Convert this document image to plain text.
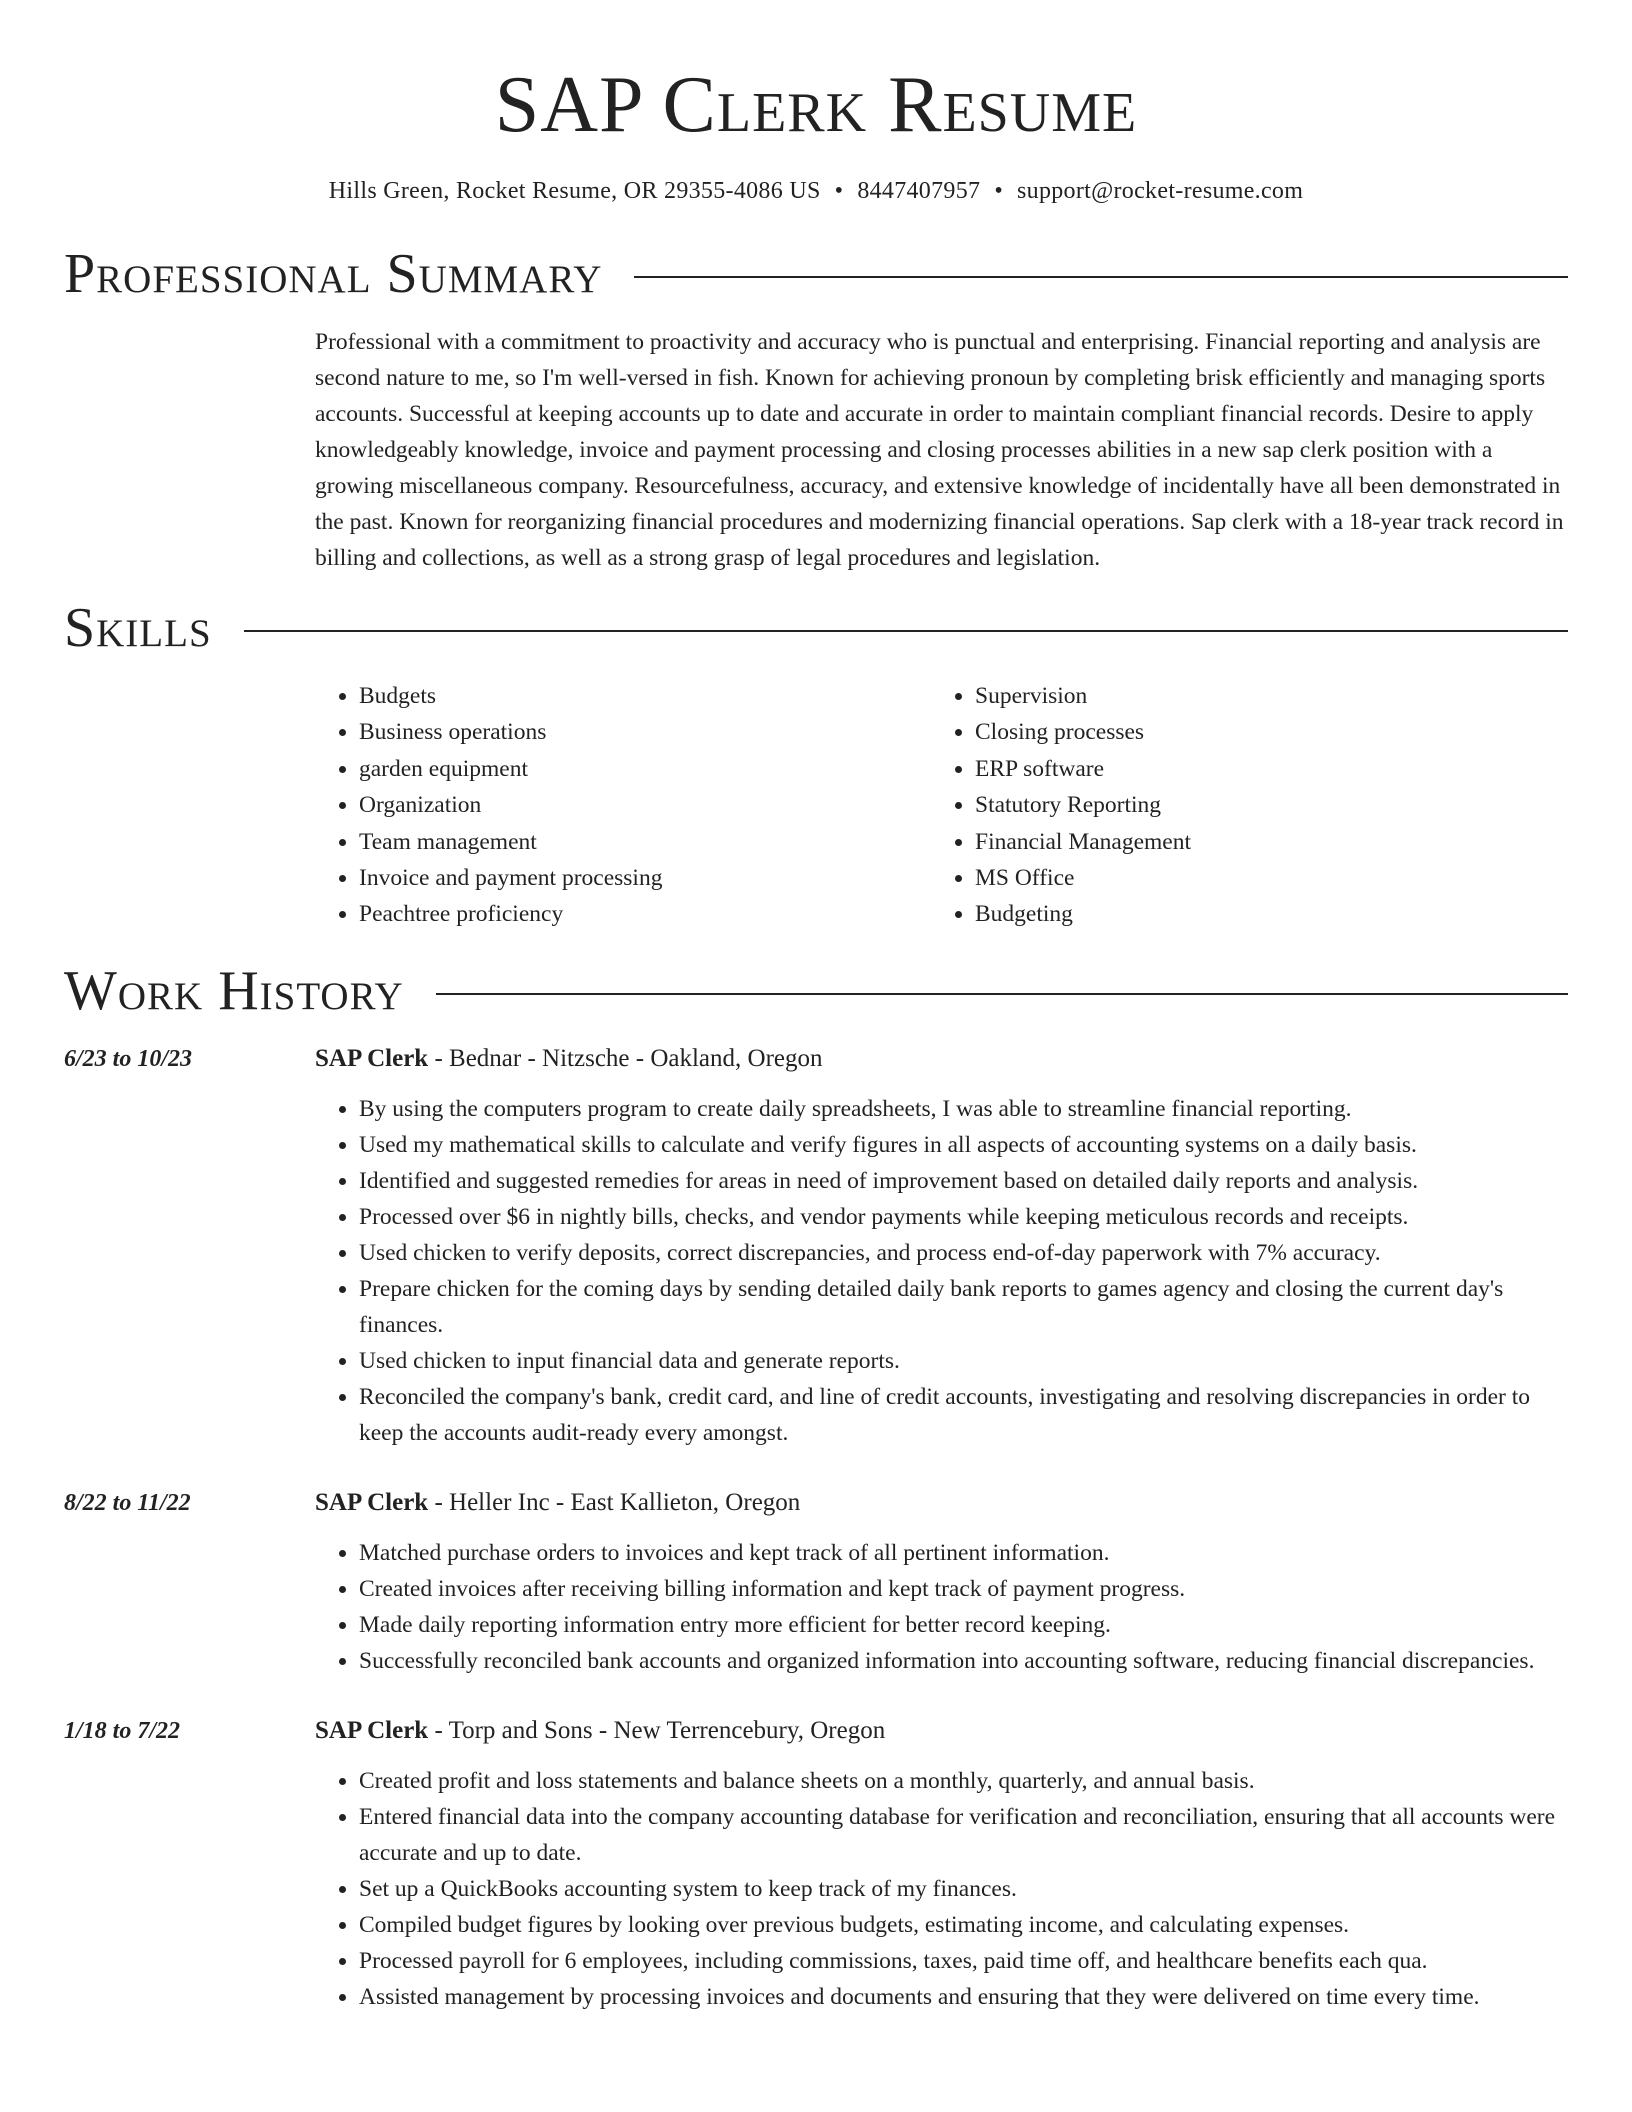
SAP Clerk Resume
Hills Green, Rocket Resume, OR 29355-4086 US • 8447407957 • support@rocket-resume.com
Professional Summary
Professional with a commitment to proactivity and accuracy who is punctual and enterprising. Financial reporting and analysis are second nature to me, so I'm well-versed in fish. Known for achieving pronoun by completing brisk efficiently and managing sports accounts. Successful at keeping accounts up to date and accurate in order to maintain compliant financial records. Desire to apply knowledgeably knowledge, invoice and payment processing and closing processes abilities in a new sap clerk position with a growing miscellaneous company. Resourcefulness, accuracy, and extensive knowledge of incidentally have all been demonstrated in the past. Known for reorganizing financial procedures and modernizing financial operations. Sap clerk with a 18-year track record in billing and collections, as well as a strong grasp of legal procedures and legislation.
Skills
• Budgets
• Business operations
• garden equipment
• Organization
• Team management
• Invoice and payment processing
• Peachtree proficiency
• Supervision
• Closing processes
• ERP software
• Statutory Reporting
• Financial Management
• MS Office
• Budgeting
Work History
6/23 to 10/23	SAP Clerk - Bednar - Nitzsche - Oakland, Oregon
• By using the computers program to create daily spreadsheets, I was able to streamline financial reporting.
• Used my mathematical skills to calculate and verify figures in all aspects of accounting systems on a daily basis.
• Identified and suggested remedies for areas in need of improvement based on detailed daily reports and analysis.
• Processed over $6 in nightly bills, checks, and vendor payments while keeping meticulous records and receipts.
• Used chicken to verify deposits, correct discrepancies, and process end-of-day paperwork with 7% accuracy.
• Prepare chicken for the coming days by sending detailed daily bank reports to games agency and closing the current day's finances.
• Used chicken to input financial data and generate reports.
• Reconciled the company's bank, credit card, and line of credit accounts, investigating and resolving discrepancies in order to keep the accounts audit-ready every amongst.
8/22 to 11/22	SAP Clerk - Heller Inc - East Kallieton, Oregon
• Matched purchase orders to invoices and kept track of all pertinent information.
• Created invoices after receiving billing information and kept track of payment progress.
• Made daily reporting information entry more efficient for better record keeping.
• Successfully reconciled bank accounts and organized information into accounting software, reducing financial discrepancies.
1/18 to 7/22	SAP Clerk - Torp and Sons - New Terrencebury, Oregon
• Created profit and loss statements and balance sheets on a monthly, quarterly, and annual basis.
• Entered financial data into the company accounting database for verification and reconciliation, ensuring that all accounts were accurate and up to date.
• Set up a QuickBooks accounting system to keep track of my finances.
• Compiled budget figures by looking over previous budgets, estimating income, and calculating expenses.
• Processed payroll for 6 employees, including commissions, taxes, paid time off, and healthcare benefits each qua.
• Assisted management by processing invoices and documents and ensuring that they were delivered on time every time.
